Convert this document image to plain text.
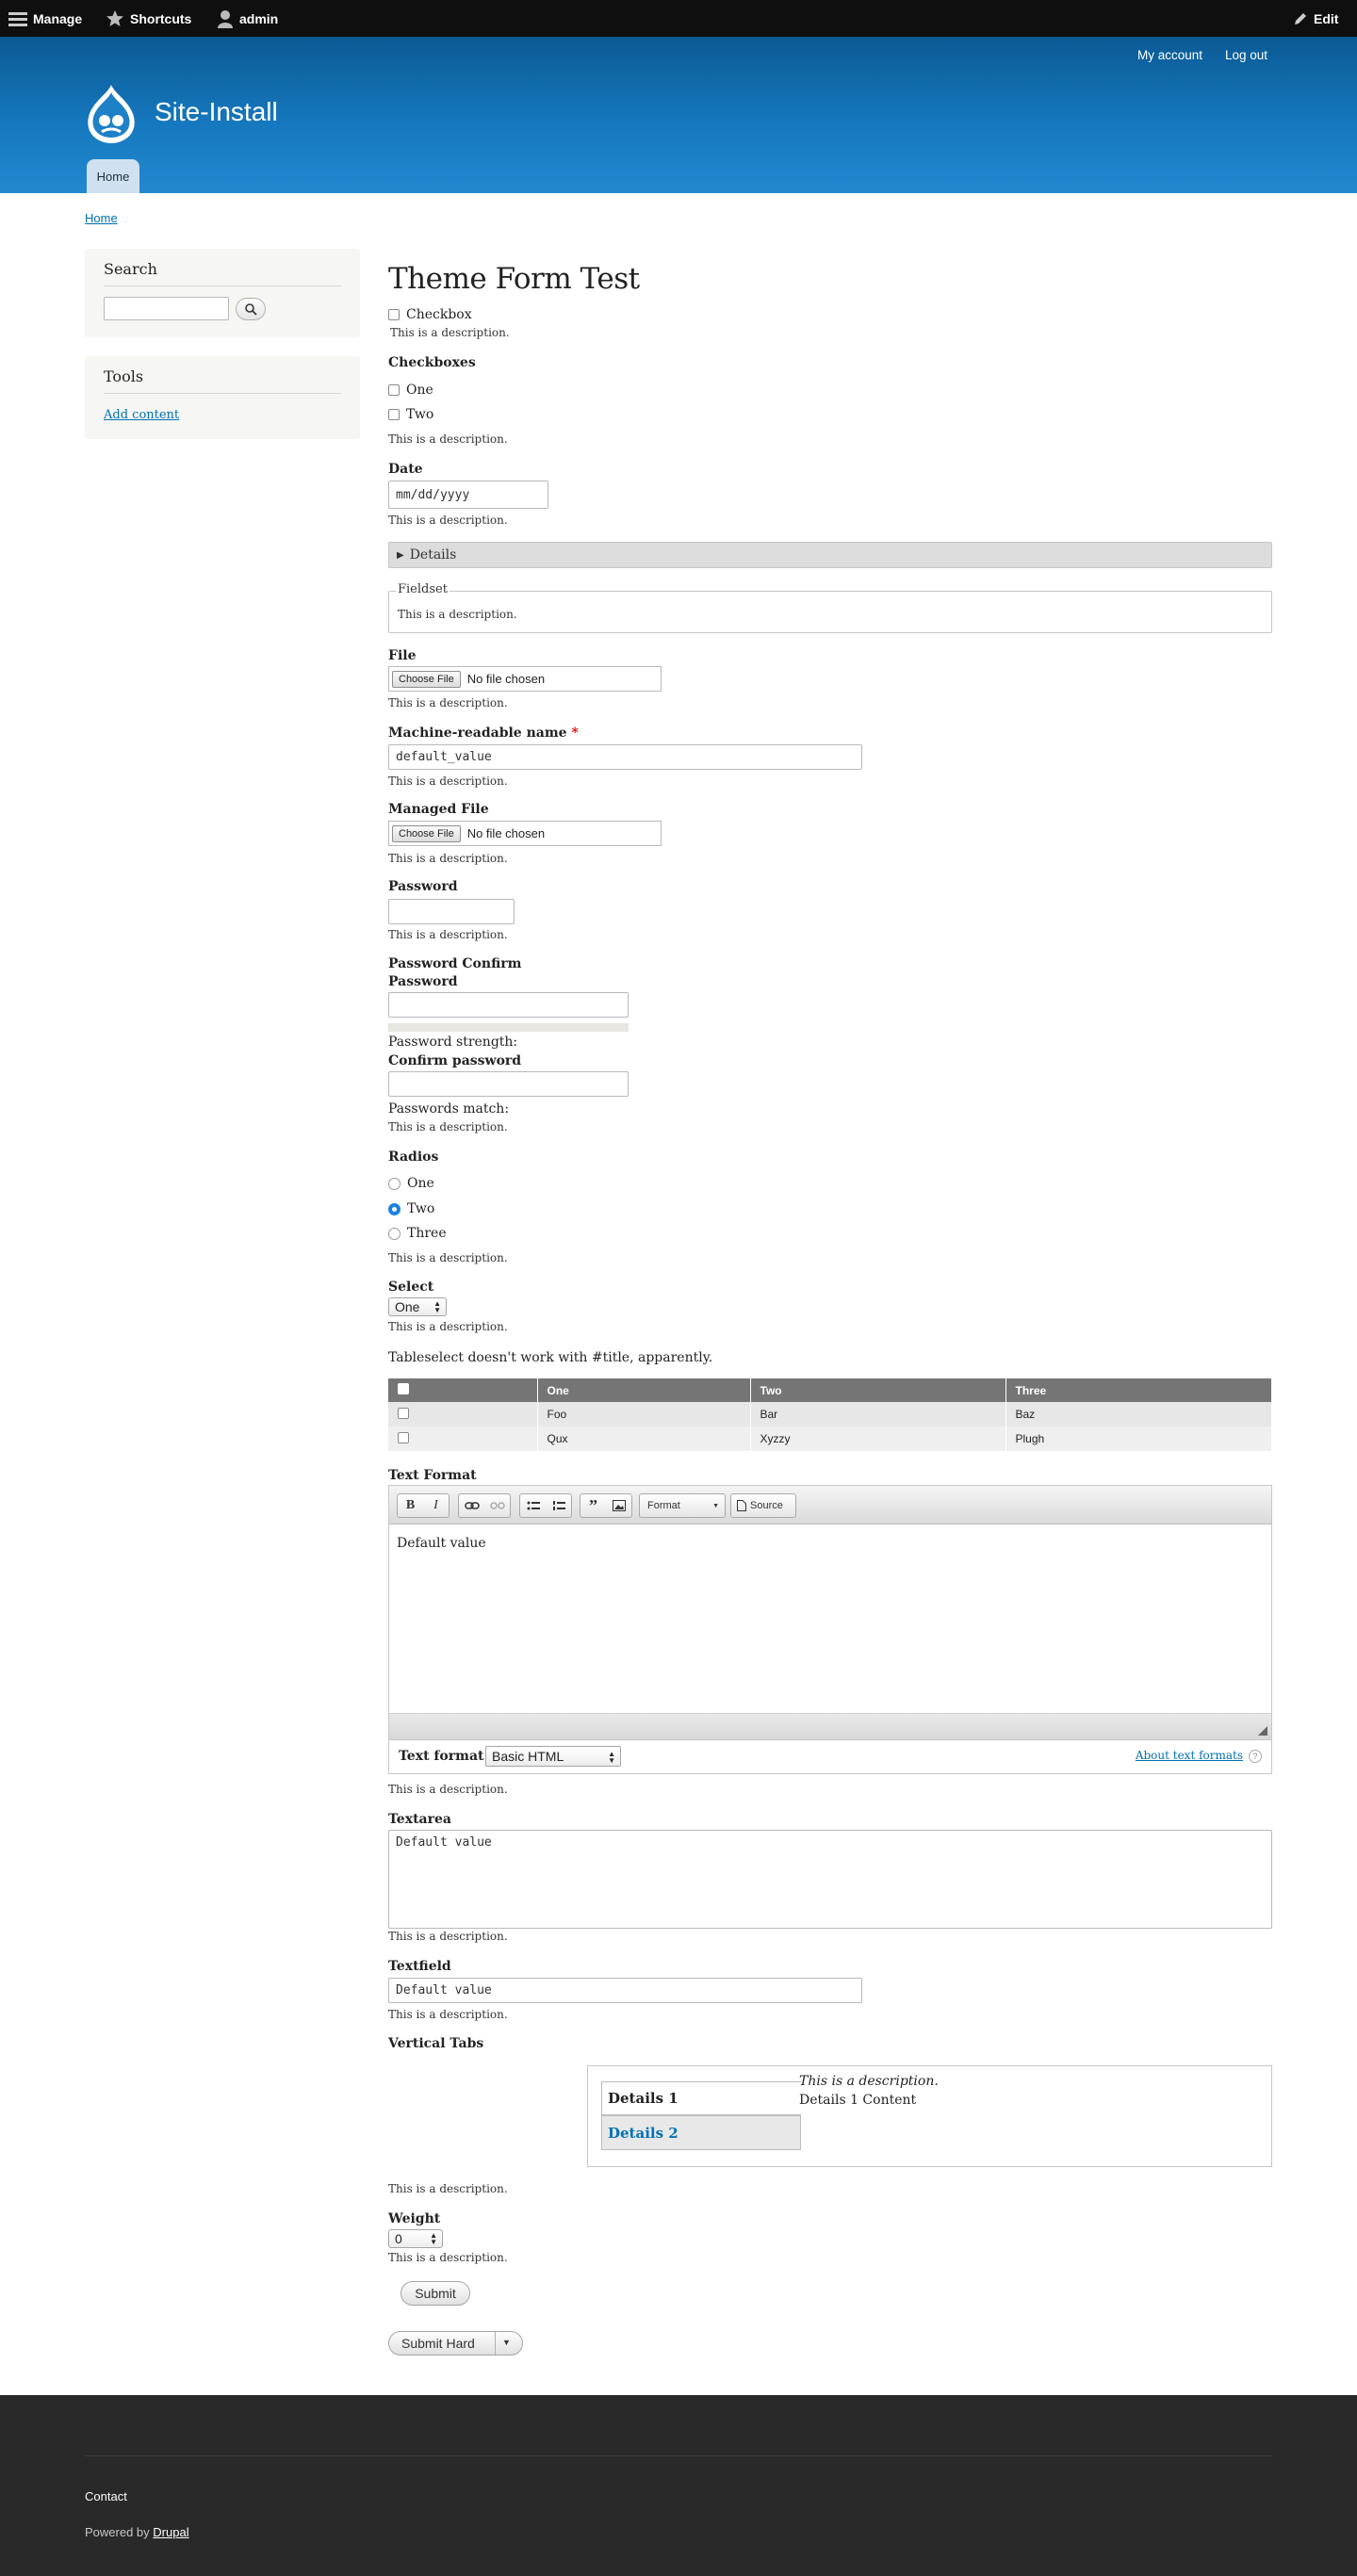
Manage	Shortcuts	admin	Edit
My account Log out
Site-Install
Home
Home
Search
Tools
Add content
Theme Form Test
Checkbox
This is a description.
Checkboxes
One
Two
This is a description.
Date
mm/dd/yyyy
This is a description.
▶ Details
Fieldset
This is a description.
File
Choose File	No file chosen
This is a description.
Machine-readable name *
default_value
This is a description.
Managed File
Choose File	No file chosen
This is a description.
Password
This is a description.
Password Confirm
Password
Password strength:
Confirm password
Passwords match:
This is a description.
Radios
One
Two
Three
This is a description.
Select
One ▲
▼
This is a description.
Tableselect doesn't work with #title, apparently.
	One	Two	Three
	Foo	Bar	Baz
	Qux	Xyzzy	Plugh
Text Format
B	I	”	Format	▼	Source
Default value
Text format Basic HTML	▲
▼	About text formats	?
This is a description.
Textarea
Default value
This is a description.
Textfield
Default value
This is a description.
Vertical Tabs
Details 1
Details 2
This is a description.
Details 1 Content
This is a description.
Weight
0	▲
▼
This is a description.
Submit
Submit Hard	▼
Contact
Powered by Drupal
